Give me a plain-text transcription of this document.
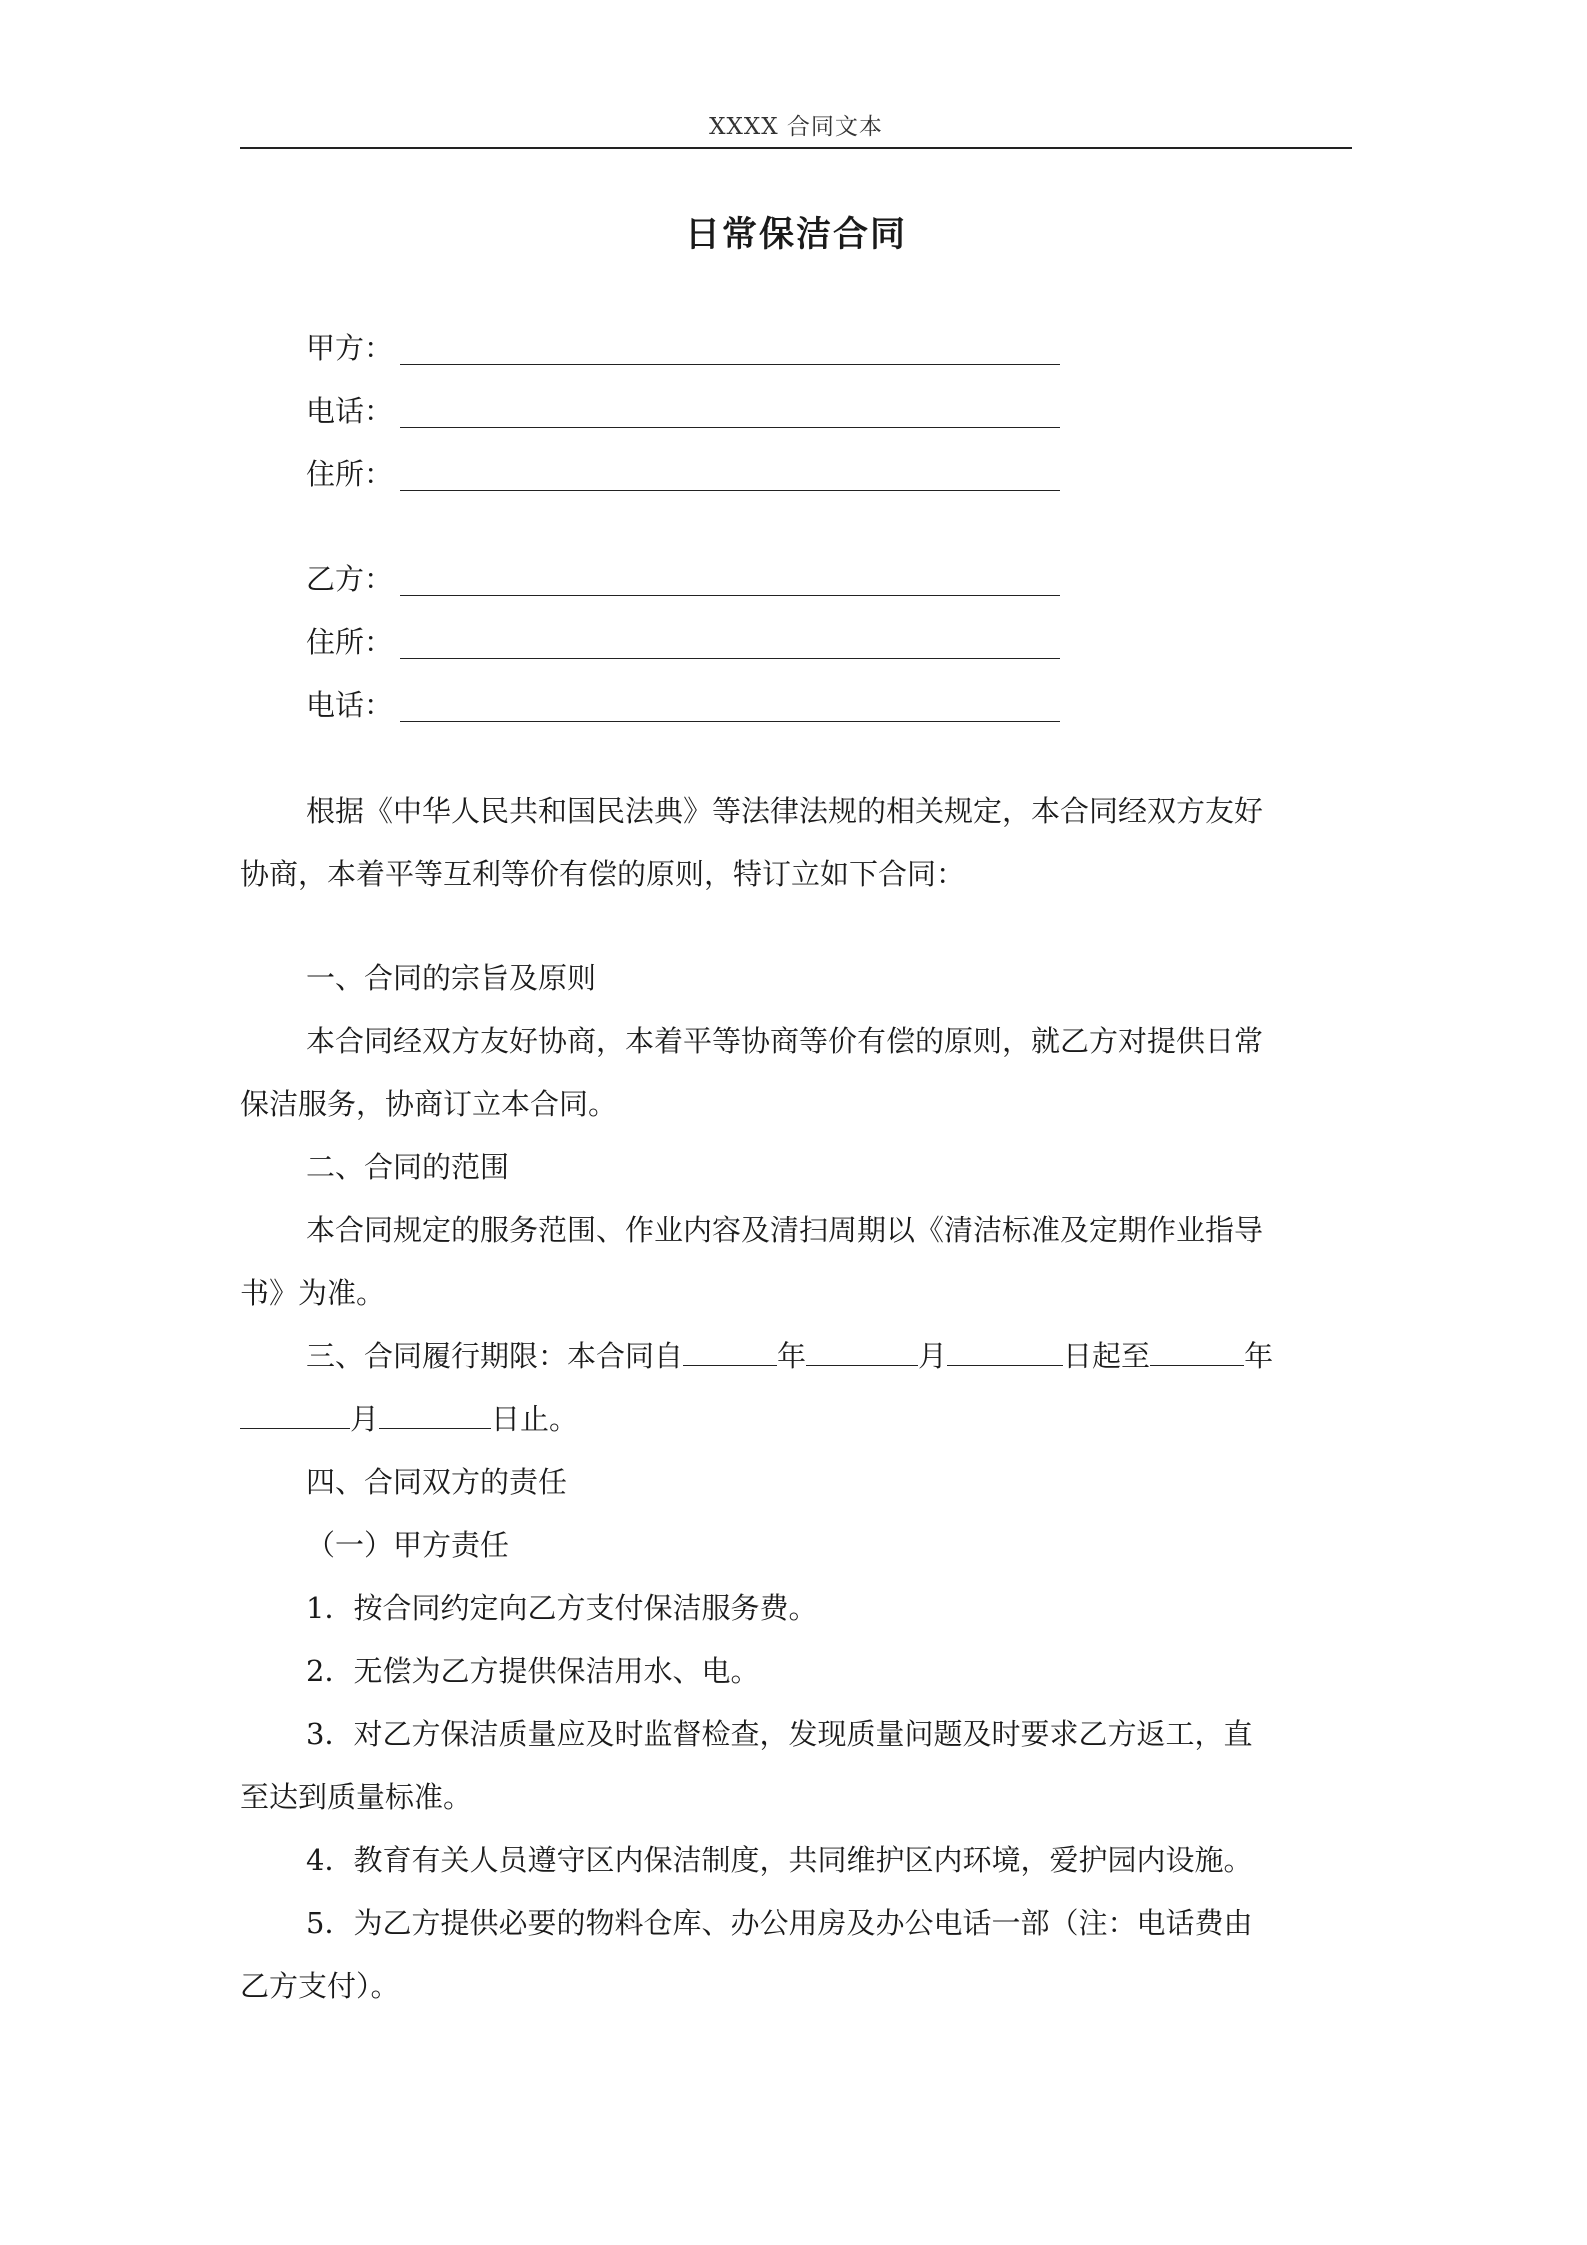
XXXX 合同文本
日常保洁合同
甲方：
电话：
住所：
乙方：
住所：
电话：
根据《中华人民共和国民法典》等法律法规的相关规定，本合同经双方友好
协商，本着平等互利等价有偿的原则，特订立如下合同：
一、合同的宗旨及原则
本合同经双方友好协商，本着平等协商等价有偿的原则，就乙方对提供日常
保洁服务，协商订立本合同。
二、合同的范围
本合同规定的服务范围、作业内容及清扫周期以《清洁标准及定期作业指导
书》为准。
三、合同履行期限：本合同自	年	月	日起至	年
月	日止。
四、合同双方的责任
（一）甲方责任
1．按合同约定向乙方支付保洁服务费。
2．无偿为乙方提供保洁用水、电。
3．对乙方保洁质量应及时监督检查，发现质量问题及时要求乙方返工，直
至达到质量标准。
4．教育有关人员遵守区内保洁制度，共同维护区内环境，爱护园内设施。
5．为乙方提供必要的物料仓库、办公用房及办公电话一部（注：电话费由
乙方支付）。
